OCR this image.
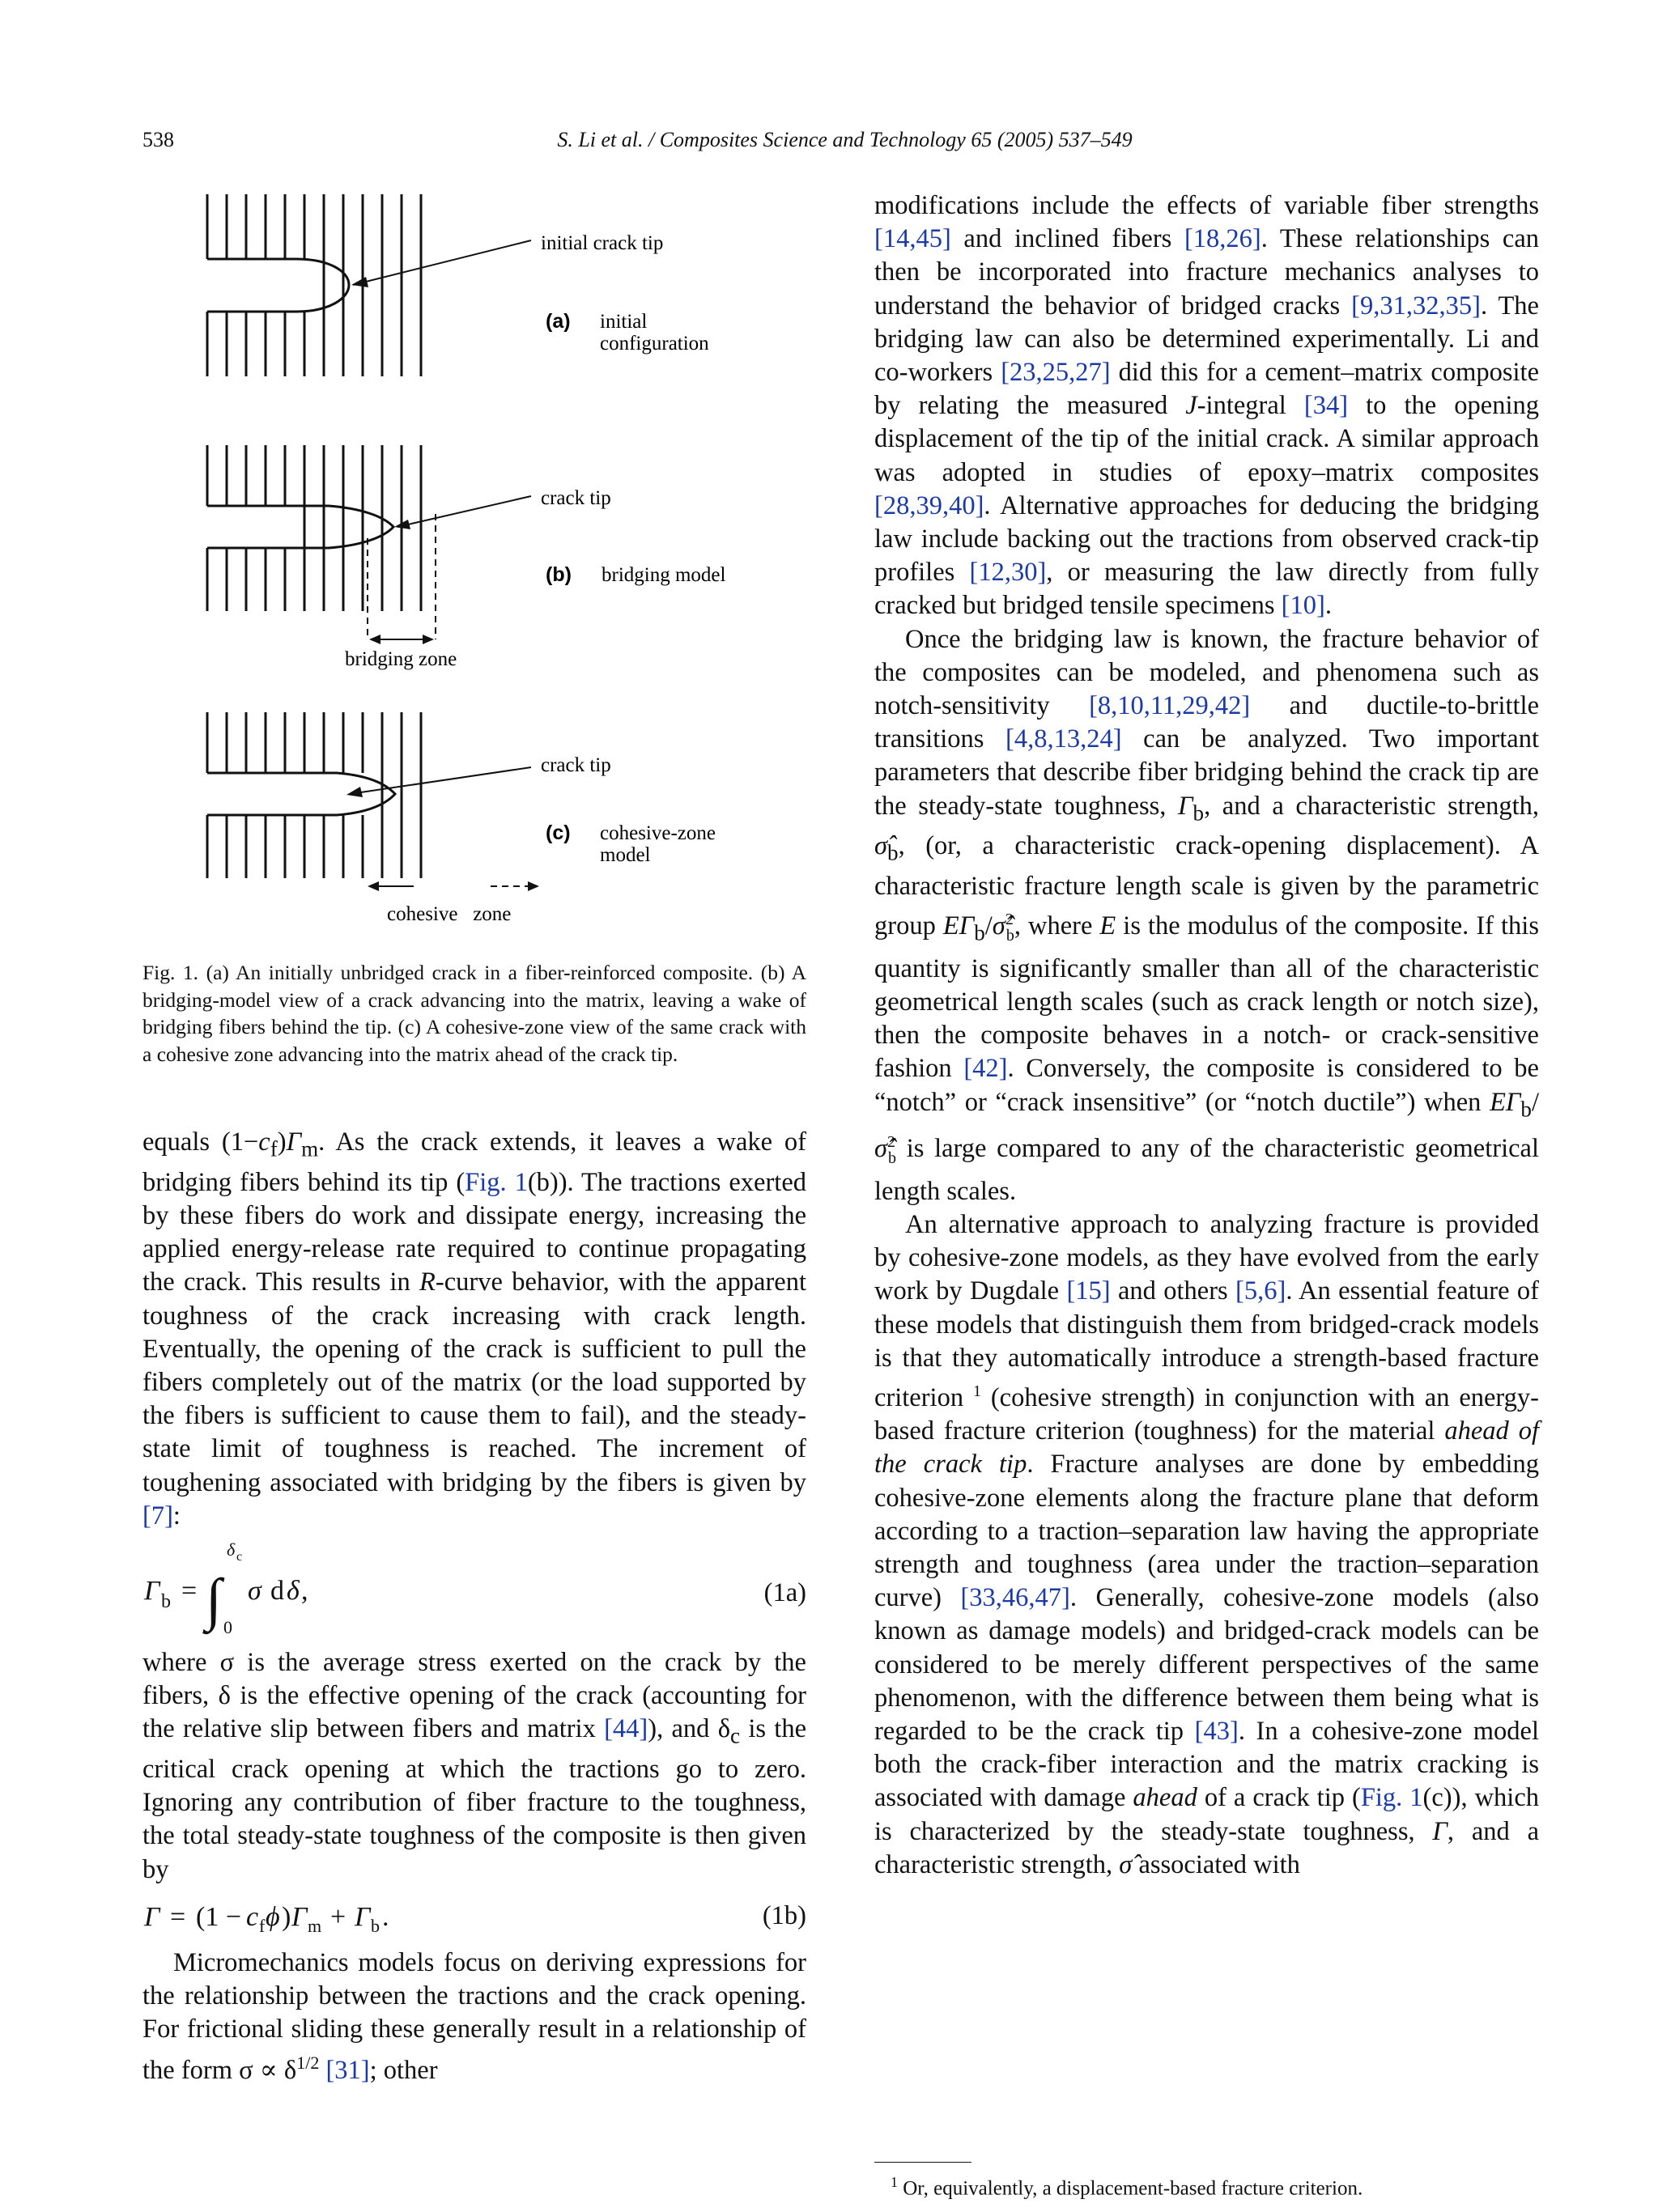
538	S. Li et al. / Composites Science and Technology 65 (2005) 537–549
initial crack tip
(a) initial
configuration
crack tip
(b) bridging model
bridging zone
crack tip
(c) cohesive-zone
model
cohesive   zone
Fig. 1. (a) An initially unbridged crack in a fiber-reinforced composite. (b) A bridging-model view of a crack advancing into the matrix, leaving a wake of bridging fibers behind the tip. (c) A cohesive-zone view of the same crack with a cohesive zone advancing into the matrix ahead of the crack tip.

equals $(1-c_f)\Gamma_m$. As the crack extends, it leaves a wake of bridging fibers behind its tip (Fig. 1(b)). The tractions exerted by these fibers do work and dissipate energy, increasing the applied energy-release rate required to continue propagating the crack. This results in R-curve behavior, with the apparent toughness of the crack increasing with crack length. Eventually, the opening of the crack is sufficient to pull the fibers completely out of the matrix (or the load supported by the fibers is sufficient to cause them to fail), and the steady-state limit of toughness is reached. The increment of toughening associated with bridging by the fibers is given by [7]:

Γ b = ∫
δ c
0
σ d δ ,	(1a)

where σ is the average stress exerted on the crack by the fibers, δ is the effective opening of the crack (accounting for the relative slip between fibers and matrix [44]), and $\delta_c$ is the critical crack opening at which the tractions go to zero. Ignoring any contribution of fiber fracture to the toughness, the total steady-state toughness of the composite is then given by

Γ = (1 − c f ϕ ) Γ m + Γ b .	(1b)

Micromechanics models focus on deriving expressions for the relationship between the tractions and the crack opening. For frictional sliding these generally result in a relationship of the form $\sigma \propto \delta^{1/2}$ [31]; other

modifications include the effects of variable fiber strengths [14,45] and inclined fibers [18,26]. These relationships can then be incorporated into fracture mechanics analyses to understand the behavior of bridged cracks [9,31,32,35]. The bridging law can also be determined experimentally. Li and co-workers [23,25,27] did this for a cement–matrix composite by relating the measured J-integral [34] to the opening displacement of the tip of the initial crack. A similar approach was adopted in studies of epoxy–matrix composites [28,39,40]. Alternative approaches for deducing the bridging law include backing out the tractions from observed crack-tip profiles [12,30], or measuring the law directly from fully cracked but bridged tensile specimens [10].

Once the bridging law is known, the fracture behavior of the composites can be modeled, and phenomena such as notch-sensitivity [8,10,11,29,42] and ductile-to-brittle transitions [4,8,13,24] can be analyzed. Two important parameters that describe fiber bridging behind the crack tip are the steady-state toughness, $\Gamma_b$, and a characteristic strength, $\sigmâ_b$, (or, a characteristic crack-opening displacement). A characteristic fracture length scale is given by the parametric group $E\Gamma_b/\sigmâ^2_b$, where E is the modulus of the composite. If this quantity is significantly smaller than all of the characteristic geometrical length scales (such as crack length or notch size), then the composite behaves in a notch- or crack-sensitive fashion [42]. Conversely, the composite is considered to be “notch” or “crack insensitive” (or “notch ductile”) when $E\Gamma_b/\sigmâ^2_b$ is large compared to any of the characteristic geometrical length scales.

An alternative approach to analyzing fracture is provided by cohesive-zone models, as they have evolved from the early work by Dugdale [15] and others [5,6]. An essential feature of these models that distinguish them from bridged-crack models is that they automatically introduce a strength-based fracture criterion $^1$ (cohesive strength) in conjunction with an energy-based fracture criterion (toughness) for the material ahead of the crack tip. Fracture analyses are done by embedding cohesive-zone elements along the fracture plane that deform according to a traction–separation law having the appropriate strength and toughness (area under the traction–separation curve) [33,46,47]. Generally, cohesive-zone models (also known as damage models) and bridged-crack models can be considered to be merely different perspectives of the same phenomenon, with the difference between them being what is regarded to be the crack tip [43]. In a cohesive-zone model both the crack-fiber interaction and the matrix cracking is associated with damage ahead of a crack tip (Fig. 1(c)), which is characterized by the steady-state toughness, Γ, and a characteristic strength, σ̂ associated with

$^1$ Or, equivalently, a displacement-based fracture criterion.
